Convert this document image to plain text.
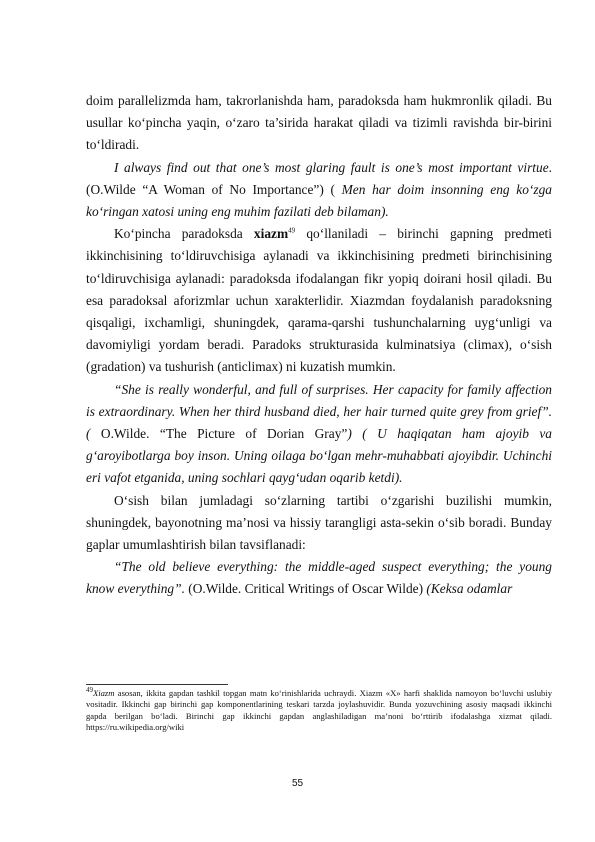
doim parallelizmda ham, takrorlanishda ham, paradoksda ham hukmronlik qiladi. Bu usullar ko‘pincha yaqin, o‘zaro ta’sirida harakat qiladi va tizimli ravishda bir-birini to‘ldiradi.

I always find out that one’s most glaring fault is one’s most important virtue. (O.Wilde “A Woman of No Importance”) ( Men har doim insonning eng ko‘zga ko‘ringan xatosi uning eng muhim fazilati deb bilaman).

Ko‘pincha paradoksda xiazm$^{49}$ qo‘llaniladi – birinchi gapning predmeti ikkinchisining to‘ldiruvchisiga aylanadi va ikkinchisining predmeti birinchisining to‘ldiruvchisiga aylanadi: paradoksda ifodalangan fikr yopiq doirani hosil qiladi. Bu esa paradoksal aforizmlar uchun xarakterlidir. Xiazmdan foydalanish paradoksning qisqaligi, ixchamligi, shuningdek, qarama-qarshi tushunchalarning uyg‘unligi va davomiyligi yordam beradi. Paradoks strukturasida kulminatsiya (climax), o‘sish (gradation) va tushurish (anticlimax) ni kuzatish mumkin.

“She is really wonderful, and full of surprises. Her capacity for family affection is extraordinary. When her third husband died, her hair turned quite grey from grief”. ( O.Wilde. “The Picture of Dorian Gray”) ( U haqiqatan ham ajoyib va g‘aroyibotlarga boy inson. Uning oilaga bo‘lgan mehr-muhabbati ajoyibdir. Uchinchi eri vafot etganida, uning sochlari qayg‘udan oqarib ketdi).

O‘sish bilan jumladagi so‘zlarning tartibi o‘zgarishi buzilishi mumkin, shuningdek, bayonotning ma’nosi va hissiy tarangligi asta-sekin o‘sib boradi. Bunday gaplar umumlashtirish bilan tavsiflanadi:

“The old believe everything: the middle-aged suspect everything; the young know everything”. (O.Wilde. Critical Writings of Oscar Wilde) (Keksa odamlar

$^{49}$Xiazm asosan, ikkita gapdan tashkil topgan matn ko‘rinishlarida uchraydi. Xiazm «X» harfi shaklida namoyon bo‘luvchi uslubiy vositadir. Ikkinchi gap birinchi gap komponentlarining teskari tarzda joylashuvidir. Bunda yozuvchining asosiy maqsadi ikkinchi gapda berilgan bo‘ladi. Birinchi gap ikkinchi gapdan anglashiladigan ma’noni bo‘rttirib ifodalashga xizmat qiladi. https://ru.wikipedia.org/wiki

55
